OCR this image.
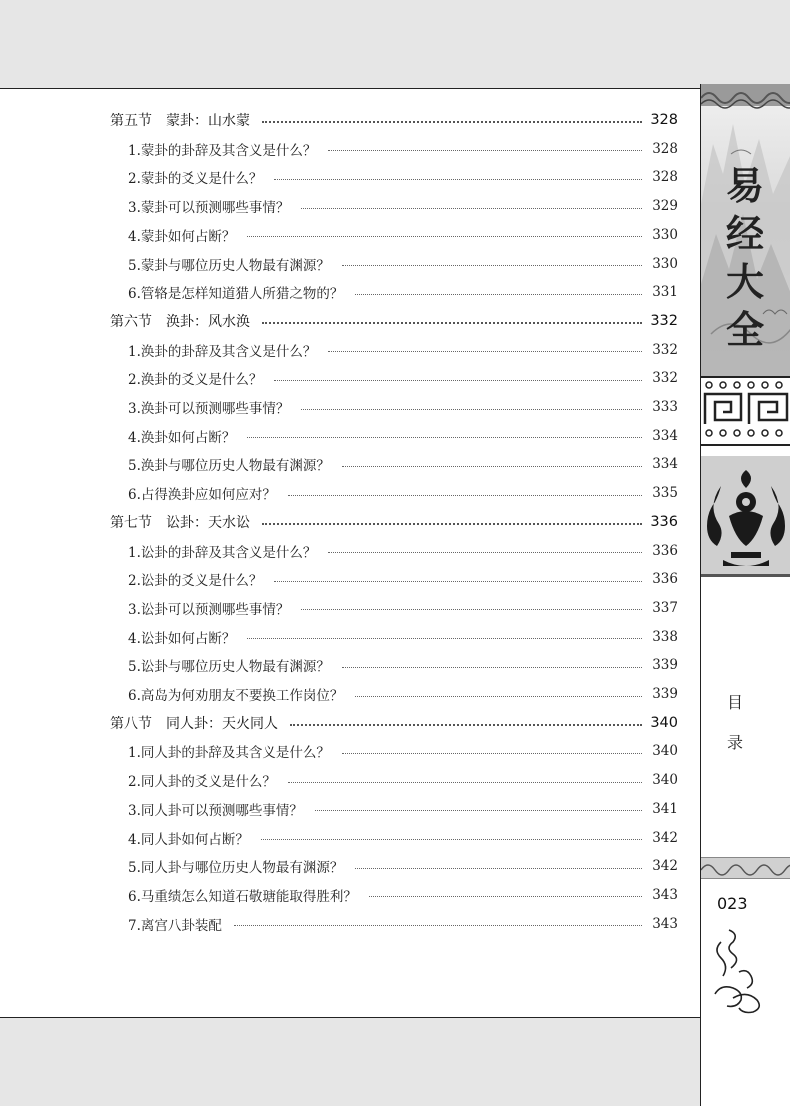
第五节　蒙卦：山水蒙	328
1.蒙卦的卦辞及其含义是什么？	328
2.蒙卦的爻义是什么？	328
3.蒙卦可以预测哪些事情？	329
4.蒙卦如何占断？	330
5.蒙卦与哪位历史人物最有渊源？	330
6.管辂是怎样知道猎人所猎之物的？	331
第六节　涣卦：风水涣	332
1.涣卦的卦辞及其含义是什么？	332
2.涣卦的爻义是什么？	332
3.涣卦可以预测哪些事情？	333
4.涣卦如何占断？	334
5.涣卦与哪位历史人物最有渊源？	334
6.占得涣卦应如何应对？	335
第七节　讼卦：天水讼	336
1.讼卦的卦辞及其含义是什么？	336
2.讼卦的爻义是什么？	336
3.讼卦可以预测哪些事情？	337
4.讼卦如何占断？	338
5.讼卦与哪位历史人物最有渊源？	339
6.高岛为何劝朋友不要换工作岗位？	339
第八节　同人卦：天火同人	340
1.同人卦的卦辞及其含义是什么？	340
2.同人卦的爻义是什么？	340
3.同人卦可以预测哪些事情？	341
4.同人卦如何占断？	342
5.同人卦与哪位历史人物最有渊源？	342
6.马重绩怎么知道石敬瑭能取得胜利？	343
7.离宫八卦装配	343
易
经
大
全
目
录
023
